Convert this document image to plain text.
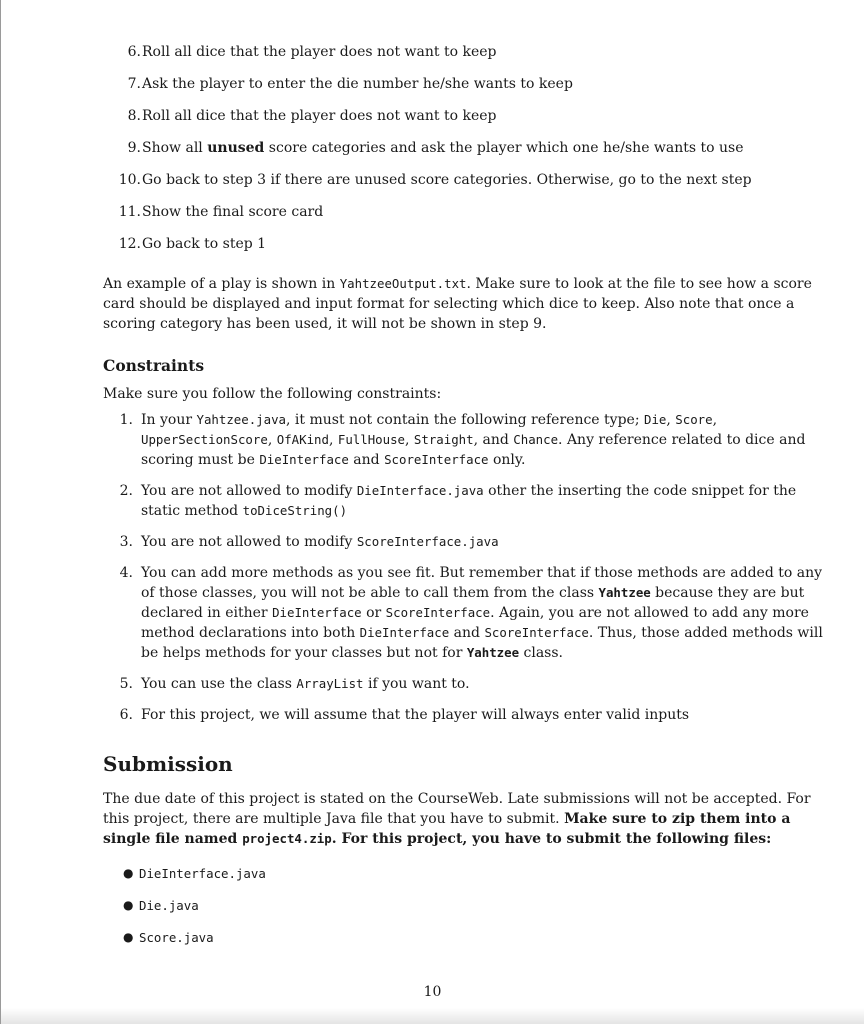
6. Roll all dice that the player does not want to keep
7. Ask the player to enter the die number he/she wants to keep
8. Roll all dice that the player does not want to keep
9. Show all unused score categories and ask the player which one he/she wants to use
10. Go back to step 3 if there are unused score categories. Otherwise, go to the next step
11. Show the final score card
12. Go back to step 1

An example of a play is shown in YahtzeeOutput.txt. Make sure to look at the file to see how a score card should be displayed and input format for selecting which dice to keep. Also note that once a scoring category has been used, it will not be shown in step 9.

Constraints

Make sure you follow the following constraints:

1. In your Yahtzee.java, it must not contain the following reference type; Die, Score, UpperSectionScore, OfAKind, FullHouse, Straight, and Chance. Any reference related to dice and scoring must be DieInterface and ScoreInterface only.
2. You are not allowed to modify DieInterface.java other the inserting the code snippet for the static method toDiceString()
3. You are not allowed to modify ScoreInterface.java
4. You can add more methods as you see fit. But remember that if those methods are added to any of those classes, you will not be able to call them from the class Yahtzee because they are but declared in either DieInterface or ScoreInterface. Again, you are not allowed to add any more method declarations into both DieInterface and ScoreInterface. Thus, those added methods will be helps methods for your classes but not for Yahtzee class.
5. You can use the class ArrayList if you want to.
6. For this project, we will assume that the player will always enter valid inputs
Submission

The due date of this project is stated on the CourseWeb. Late submissions will not be accepted. For this project, there are multiple Java file that you have to submit. Make sure to zip them into a single file named project4.zip. For this project, you have to submit the following files:

● DieInterface.java
● Die.java
● Score.java
10
